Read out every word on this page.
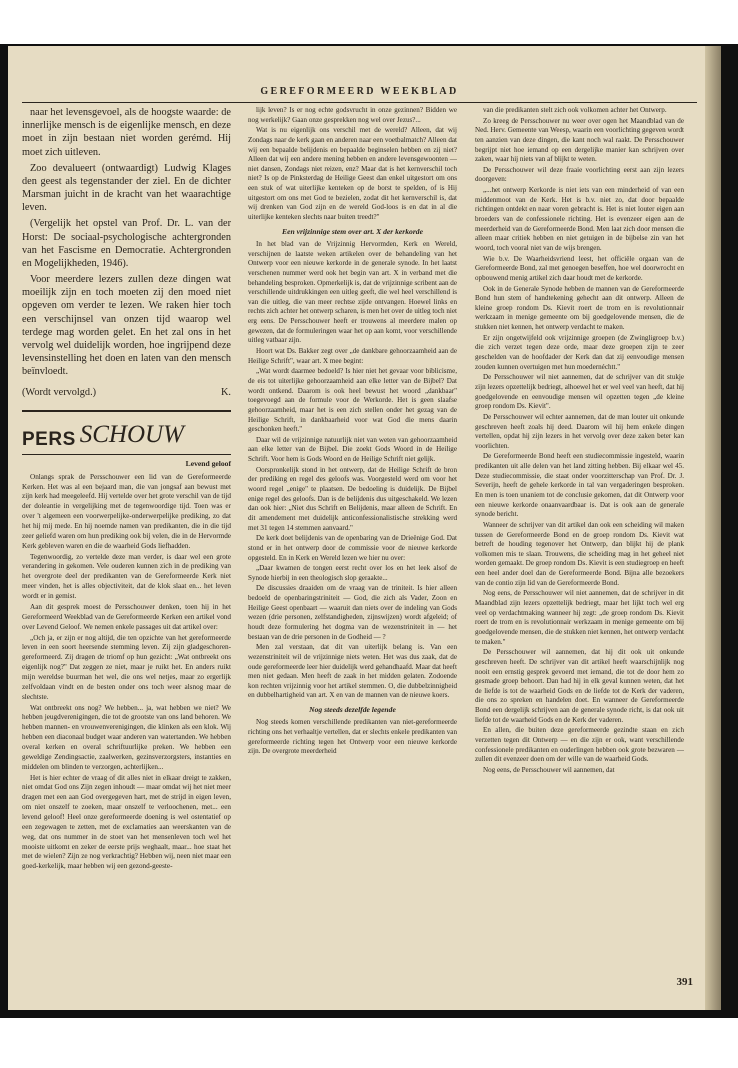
GEREFORMEERD WEEKBLAD

naar het levensgevoel, als de hoogste waarde: de innerlijke mensch is de eigenlijke mensch, en deze moet in zijn bestaan niet worden gerémd. Hij moet zich uitleven.

Zoo devalueert (ontwaardigt) Ludwig Klages den geest als tegenstander der ziel. En de dichter Marsman juicht in de kracht van het waarachtige leven.

(Vergelijk het opstel van Prof. Dr. L. van der Horst: De sociaal-psychologische achtergronden van het Fascisme en Democratie. Achtergronden en Mogelijkheden, 1946).

Voor meerdere lezers zullen deze dingen wat moeilijk zijn en toch moeten zij den moed niet opgeven om verder te lezen. We raken hier toch een verschijnsel van onzen tijd waarop wel terdege mag worden gelet. En het zal ons in het vervolg wel duidelijk worden, hoe ingrijpend deze levensinstelling het doen en laten van den mensch beïnvloedt.

(Wordt vervolgd.)	K.
PERS SCHOUW
Levend geloof

Onlangs sprak de Persschouwer een lid van de Gereformeerde Kerken. Het was al een bejaard man, die van jongsaf aan bewust met zijn kerk had meegeleefd. Hij vertelde over het grote verschil van de tijd der doleantie in vergelijking met de tegenwoordige tijd. Toen was er over 't algemeen een voorwerpelijke-onderwerpelijke prediking, zo dat het hij mij mede. En hij noemde namen van predikanten, die in die tijd zeer geliefd waren om hun prediking ook bij velen, die in de Hervormde Kerk gebleven waren en die de waarheid Gods liefhadden.

Tegenwoordig, zo vertelde deze man verder, is daar wel een grote verandering in gekomen. Vele ouderen kunnen zich in de prediking van het overgrote deel der predikanten van de Gereformeerde Kerk niet meer vinden, het is alles objectiviteit, dat de klok slaat en... het leven wordt er in gemist.

Aan dit gesprek moest de Persschouwer denken, toen hij in het Gereformeerd Weekblad van de Gereformeerde Kerken een artikel vond over Levend Geloof. We nemen enkele passages uit dat artikel over:

„Och ja, er zijn er nog altijd, die ten opzichte van het gereformeerde leven in een soort heersende stemming leven. Zij zijn gladgeschoren-gereformeerd. Zij dragen de triomf op hun gezicht: „Wat ontbreekt ons eigenlijk nog?" Dat zeggen ze niet, maar je ruikt het. En anders ruikt mijn wereldse buurman het wel, die ons wel netjes, maar zo ergerlijk zelfvoldaan vindt en de besten onder ons toch weer alsnog maar de slechtste.

Wat ontbreekt ons nog? We hebben... ja, wat hebben we niet? We hebben jeugdverenigingen, die tot de grootste van ons land behoren. We hebben mannen- en vrouwenverenigingen, die klinken als een klok. Wij hebben een diaconaal budget waar anderen van watertanden. We hebben overal kerken en overal schriftuurlijke preken. We hebben een geweldige Zendingsactie, zaalwerken, gezinsverzorgsters, instanties en middelen om blinden te verzorgen, achterlijken...

Het is hier echter de vraag of dit alles niet in elkaar dreigt te zakken, niet omdat God ons Zijn zegen inhoudt — maar omdat wij het niet meer dragen met een aan God overgegeven hart, met de strijd in eigen leven, om niet onszelf te zoeken, maar onszelf te verloochenen, met... een levend geloof! Heel onze gereformeerde doening is wel ostentatief op een zegewagen te zetten, met de exclamaties aan weerskanten van de weg, dat ons nummer in de stoet van het mensenleven toch wel het mooiste uitkomt en zeker de eerste prijs weghaalt, maar... hoe staat het met de wielen? Zijn ze nog verkrachtig? Hebben wij, neen niet maar een goed-kerkelijk, maar hebben wij een gezond-geeste-

lijk leven? Is er nog echte godsvrucht in onze gezinnen? Bidden we nog werkelijk? Gaan onze gesprekken nog wel over Jezus?...

Wat is nu eigenlijk ons verschil met de wereld? Alleen, dat wij Zondags naar de kerk gaan en anderen naar een voetbalmatch? Alleen dat wij een bepaalde belijdenis en bepaalde beginselen hebben en zij niet? Alleen dat wij een andere mening hebben en andere levensgewoonten — niet dansen, Zondags niet reizen, enz? Maar dat is het kernverschil toch niet? Is op de Pinksterdag de Heilige Geest dan enkel uitgestort om ons een stuk of wat uiterlijke kenteken op de borst te spelden, of is Hij uitgestort om ons met God te bezielen, zodat dit het kernverschil is, dat wij drenken van God zijn en de wereld God-loos is en dat in al die uiterlijke kenteken slechts naar buiten treedt?"

Een vrijzinnige stem over art. X der kerkorde

In het blad van de Vrijzinnig Hervormden, Kerk en Wereld, verschijnen de laatste weken artikelen over de behandeling van het Ontwerp voor een nieuwe kerkorde in de generale synode. In het laatst verschenen nummer werd ook het begin van art. X in verband met die behandeling besproken. Opmerkelijk is, dat de vrijzinnige scribent aan de verschillende uitdrukkingen een uitleg geeft, die wel heel verschillend is van die uitleg, die van meer rechtse zijde ontvangen. Hoewel links en rechts zich achter het ontwerp scharen, is men het over de uitleg toch niet erg eens. De Persschouwer heeft er trouwens al meerdere malen op gewezen, dat de formuleringen waar het op aan komt, voor verschillende uitleg vatbaar zijn.

Hoort wat Ds. Bakker zegt over „de dankbare gehoorzaamheid aan de Heilige Schrift", waar art. X mee begint:

„Wat wordt daarmee bedoeld? Is hier niet het gevaar voor biblicisme, de eis tot uiterlijke gehoorzaamheid aan elke letter van de Bijbel? Dat wordt ontkend. Daarom is ook heel bewust het woord „dankbaar" toegevoegd aan de formule voor de Werkorde. Het is geen slaafse gehoorzaamheid, maar het is een zich stellen onder het gezag van de Heilige Schrift, in dankbaarheid voor wat God die mens daarin geschonken heeft."

Daar wil de vrijzinnige natuurlijk niet van weten van gehoorzaamheid aan elke letter van de Bijbel. Die zoekt Gods Woord in de Heilige Schrift. Voor hem is Gods Woord en de Heilige Schrift niet gelijk.

Oorspronkelijk stond in het ontwerp, dat de Heilige Schrift de bron der prediking en regel des geloofs was. Voorgesteld werd om voor het woord regel „enige" te plaatsen. De bedoeling is duidelijk. De Bijbel enige regel des geloofs. Dan is de belijdenis dus uitgeschakeld. We lezen dan ook hier: „Niet dus Schrift en Belijdenis, maar alleen de Schrift. En dit amendement met duidelijk anticonfessionalistische strekking werd met 31 tegen 14 stemmen aanvaard."

De kerk doet belijdenis van de openbaring van de Drieënige God. Dat stond er in het ontwerp door de commissie voor de nieuwe kerkorde opgesteld. En in Kerk en Wereld lezen we hier nu over:

„Daar kwamen de tongen eerst recht over los en het leek alsof de Synode hierbij in een theologisch slop geraakte...

De discussies draaiden om de vraag van de triniteit. Is hier alleen bedoeld de openbaringstriniteit — God, die zich als Vader, Zoon en Heilige Geest openbaart — waaruit dan niets over de indeling van Gods wezen (drie personen, zelfstandigheden, zijnswijzen) wordt afgeleid; of houdt deze formulering het dogma van de wezenstriniteit in — het bestaan van de drie personen in de Godheid — ?

Men zal verstaan, dat dit van uiterlijk belang is. Van een wezenstriniteit wil de vrijzinnige niets weten. Het was dus zaak, dat de oude gereformeerde leer hier duidelijk werd gehandhaafd. Maar dat heeft men niet gedaan. Men heeft de zaak in het midden gelaten. Zodoende kon rechten vrijzinnig voor het artikel stemmen. O, die dubbelzinnigheid en dubbelhartigheid van art. X en van de mannen van de nieuwe koers.

Nog steeds dezelfde legende

Nog steeds komen verschillende predikanten van niet-gereformeerde richting ons het verhaaltje vertellen, dat er slechts enkele predikanten van gereformeerde richting tegen het Ontwerp voor een nieuwe kerkorde zijn. De overgrote meerderheid

van die predikanten stelt zich ook volkomen achter het Ontwerp.

Zo kreeg de Persschouwer nu weer over ogen het Maandblad van de Ned. Herv. Gemeente van Weesp, waarin een voorlichting gegeven wordt ten aanzien van deze dingen, die kant noch wal raakt. De Persschouwer begrijpt niet hoe iemand op een dergelijke manier kan schrijven over zaken, waar hij niets van af blijkt te weten.

De Persschouwer wil deze fraaie voorlichting eerst aan zijn lezers doorgeven:

„...het ontwerp Kerkorde is niet iets van een minderheid of van een middenmoot van de Kerk. Het is b.v. niet zo, dat door bepaalde richtingen ontdekt en naar voren gebracht is. Het is niet louter eigen aan broeders van de confessionele richting. Het is evenzeer eigen aan de meerderheid van de Gereformeerde Bond. Men laat zich door mensen die alleen maar critiek hebben en niet getuigen in de bijbelse zin van het woord, toch vooral niet van de wijs brengen.

Wie b.v. De Waarheidsvriend leest, het officiële orgaan van de Gereformeerde Bond, zal met genoegen beseffen, hoe wel doorwrocht en opbouwend menig artikel zich daar houdt met de kerkorde.

Ook in de Generale Synode hebben de mannen van de Gereformeerde Bond hun stem of handtekening gehecht aan dit ontwerp. Alleen de kleine groep rondom Ds. Kievit roert de trom en is revolutionnair werkzaam in menige gemeente om bij goedgelovende mensen, die de stukken niet kennen, het ontwerp verdacht te maken.

Er zijn ongetwijfeld ook vrijzinnige groepen (de Zwingligroep b.v.) die zich verzet tegen deze orde, maar deze groepen zijn te zeer geschelden van de hoofdader der Kerk dan dat zij eenvoudige mensen zouden kunnen overtuigen met hun moedernéchtt."

De Persschouwer wil niet aannemen, dat de schrijver van dit stukje zijn lezers opzettelijk bedriegt, alhoewel het er wel veel van heeft, dat hij goedgelovende en eenvoudige mensen wil opzetten tegen „de kleine groep rondom Ds. Kievit".

De Persschouwer wil echter aannemen, dat de man louter uit onkunde geschreven heeft zoals hij deed. Daarom wil hij hem enkele dingen vertellen, opdat hij zijn lezers in het vervolg over deze zaken beter kan voorlichten.

De Gereformeerde Bond heeft een studiecommissie ingesteld, waarin predikanten uit alle delen van het land zitting hebben. Bij elkaar wel 45. Deze studiecommissie, die staat onder voorzitterschap van Prof. Dr. J. Severijn, heeft de gehele kerkorde in tal van vergaderingen besproken. En men is toen unaniem tot de conclusie gekomen, dat dit Ontwerp voor een nieuwe kerkorde onaanvaardbaar is. Dat is ook aan de generale synode bericht.

Wanneer de schrijver van dit artikel dan ook een scheiding wil maken tussen de Gereformeerde Bond en de groep rondom Ds. Kievit wat betreft de houding tegenover het Ontwerp, dan blijkt hij de plank volkomen mis te slaan. Trouwens, die scheiding mag in het geheel niet worden gemaakt. De groep rondom Ds. Kievit is een studiegroep en heeft een heel ander doel dan de Gereformeerde Bond. Bijna alle bezoekers van de contio zijn lid van de Gereformeerde Bond.

Nog eens, de Persschouwer wil niet aannemen, dat de schrijver in dit Maandblad zijn lezers opzettelijk bedriegt, maar het lijkt toch wel erg veel op verdachtmaking wanneer hij zegt: „de groep rondom Ds. Kievit roert de trom en is revolutionnair werkzaam in menige gemeente om bij goedgelovende mensen, die de stukken niet kennen, het ontwerp verdacht te maken."

De Persschouwer wil aannemen, dat hij dit ook uit onkunde geschreven heeft. De schrijver van dit artikel heeft waarschijnlijk nog nooit een ernstig gesprek gevoerd met iemand, die tot de door hem zo gesmade groep behoort. Dan had hij in elk geval kunnen weten, dat het de liefde is tot de waarheid Gods en de liefde tot de Kerk der vaderen, die ons zo spreken en handelen doet. En wanneer de Gereformeerde Bond een dergelijk schrijven aan de generale synode richt, is dat ook uit liefde tot de waarheid Gods en de Kerk der vaderen.

En allen, die buiten deze gereformeerde gezindte staan en zich verzetten tegen dit Ontwerp — en die zijn er ook, want verschillende confessionele predikanten en ouderlingen hebben ook grote bezwaren — zullen dit evenzeer doen om der wille van de waarheid Gods.

Nog eens, de Persschouwer wil aannemen, dat

391
